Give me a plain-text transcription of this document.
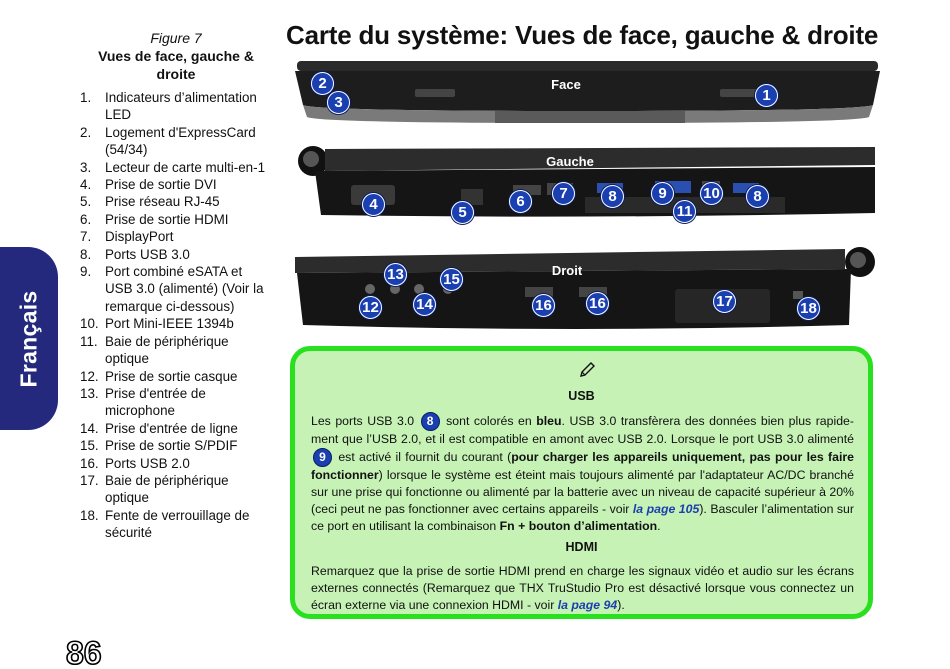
Français
Figure 7
Vues de face, gauche & droite
1.	Indicateurs d’alimentation LED
2.	Logement d'ExpressCard (54/34)
3.	Lecteur de carte multi-en-1
4.	Prise de sortie DVI
5.	Prise réseau RJ-45
6.	Prise de sortie HDMI
7.	DisplayPort
8.	Ports USB 3.0
9.	Port combiné eSATA et USB 3.0 (alimenté) (Voir la remarque ci-dessous)
10. Port Mini-IEEE 1394b
11. Baie de périphérique optique
12. Prise de sortie casque
13. Prise d'entrée de microphone
14. Prise d'entrée de ligne
15. Prise de sortie S/PDIF
16. Ports USB 2.0
17. Baie de périphérique optique
18. Fente de verrouillage de sécurité
Carte du système: Vues de face, gauche & droite
Face
2
3	1
Gauche
4	5
6	7	8	9	10	8
11
Droit
13	15
12 14	16 16	17	18
USB

Les ports USB 3.0 8 sont colorés en bleu. USB 3.0 transfèrera des données bien plus rapide-ment que l’USB 2.0, et il est compatible en amont avec USB 2.0. Lorsque le port USB 3.0 alimenté 9 est activé il fournit du courant (pour charger les appareils uniquement, pas pour les faire fonctionner) lorsque le système est éteint mais toujours alimenté par l'adaptateur AC/DC branché sur une prise qui fonctionne ou alimenté par la batterie avec un niveau de capacité supérieur à 20% (ceci peut ne pas fonctionner avec certains appareils - voir la page 105). Basculer l’alimentation sur ce port en utilisant la combinaison Fn + bouton d’alimentation.

HDMI

Remarquez que la prise de sortie HDMI prend en charge les signaux vidéo et audio sur les écrans externes connectés (Remarquez que THX TruStudio Pro est désactivé lorsque vous connectez un écran externe via une connexion HDMI - voir la page 94).

86
